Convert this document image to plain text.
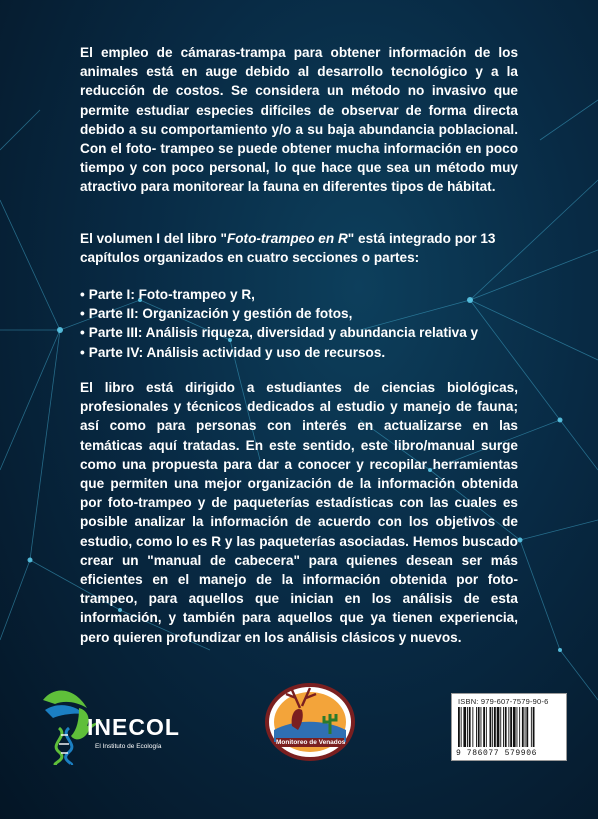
El empleo de cámaras-trampa para obtener información de los animales está en auge debido al desarrollo tecnológico y a la reducción de costos. Se considera un método no invasivo que permite estudiar especies difíciles de observar de forma directa debido a su comportamiento y/o a su baja abundancia poblacional. Con el foto- trampeo se puede obtener mucha información en poco tiempo y con poco personal, lo que hace que sea un método muy atractivo para monitorear la fauna en diferentes tipos de hábitat.

El volumen I del libro "Foto-trampeo en R" está integrado por 13 capítulos organizados en cuatro secciones o partes:

• Parte I: Foto-trampeo y R,

• Parte II: Organización y gestión de fotos,

• Parte III: Análisis riqueza, diversidad y abundancia relativa y

• Parte IV: Análisis actividad y uso de recursos.

El libro está dirigido a estudiantes de ciencias biológicas, profesionales y técnicos dedicados al estudio y manejo de fauna; así como para personas con interés en actualizarse en las temáticas aquí tratadas. En este sentido, este libro/manual surge como una propuesta para dar a conocer y recopilar herramientas que permiten una mejor organización de la información obtenida por foto-trampeo y de paqueterías estadísticas con las cuales es posible analizar la información de acuerdo con los objetivos de estudio, como lo es R y las paqueterías asociadas. Hemos buscado crear un "manual de cabecera" para quienes desean ser más eficientes en el manejo de la información obtenida por foto-trampeo, para aquellos que inician en los análisis de esta información, y también para aquellos que ya tienen experiencia, pero quieren profundizar en los análisis clásicos y nuevos.

INECOL
El Instituto de Ecología
Monitoreo de Venados
ISBN: 979-607-7579-90-6
9 786077 579906
